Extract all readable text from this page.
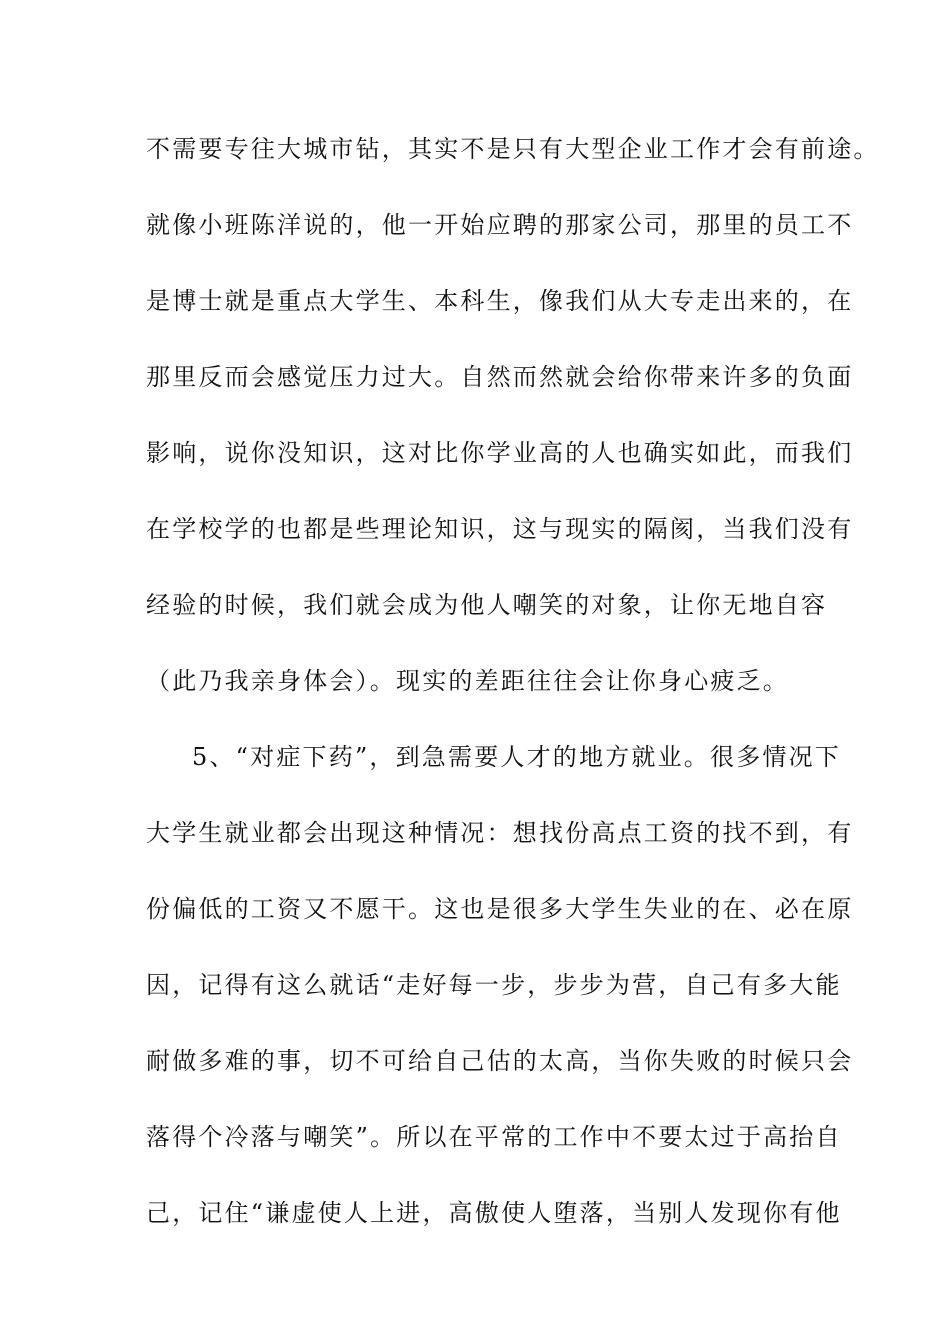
不需要专往大城市钻，其实不是只有大型企业工作才会有前途。
就像小班陈洋说的，他一开始应聘的那家公司，那里的员工不
是博士就是重点大学生、本科生，像我们从大专走出来的，在
那里反而会感觉压力过大。自然而然就会给你带来许多的负面
影响，说你没知识，这对比你学业高的人也确实如此，而我们
在学校学的也都是些理论知识，这与现实的隔阂，当我们没有
经验的时候，我们就会成为他人嘲笑的对象，让你无地自容
（此乃我亲身体会）。现实的差距往往会让你身心疲乏。
5、“对症下药”，到急需要人才的地方就业。很多情况下
大学生就业都会出现这种情况：想找份高点工资的找不到，有
份偏低的工资又不愿干。这也是很多大学生失业的在、必在原
因，记得有这么就话“走好每一步，步步为营，自己有多大能
耐做多难的事，切不可给自己估的太高，当你失败的时候只会
落得个冷落与嘲笑”。所以在平常的工作中不要太过于高抬自
己，记住“谦虚使人上进，高傲使人堕落，当别人发现你有他
